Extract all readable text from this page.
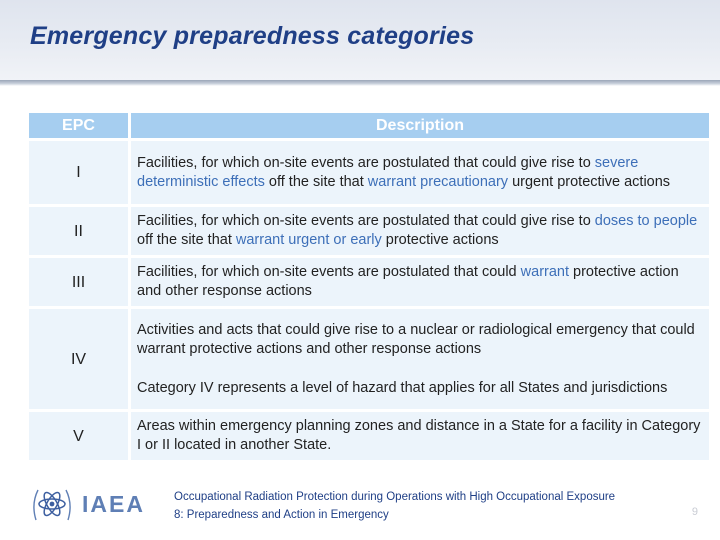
Emergency preparedness categories
EPC	Description
I	Facilities, for which on-site events are postulated that could give rise to severe deterministic effects off the site that warrant precautionary urgent protective actions
II	Facilities, for which on-site events are postulated that could give rise to doses to people off the site that warrant urgent or early protective actions
III	Facilities, for which on-site events are postulated that could warrant protective action and other response actions
IV	Activities and acts that could give rise to a nuclear or radiological emergency that could warrant protective actions and other response actions

Category IV represents a level of hazard that applies for all States and jurisdictions

V	Areas within emergency planning zones and distance in a State for a facility in Category I or II located in another State.
IAEA	Occupational Radiation Protection during Operations with High Occupational Exposure
8: Preparedness and Action in Emergency	9
